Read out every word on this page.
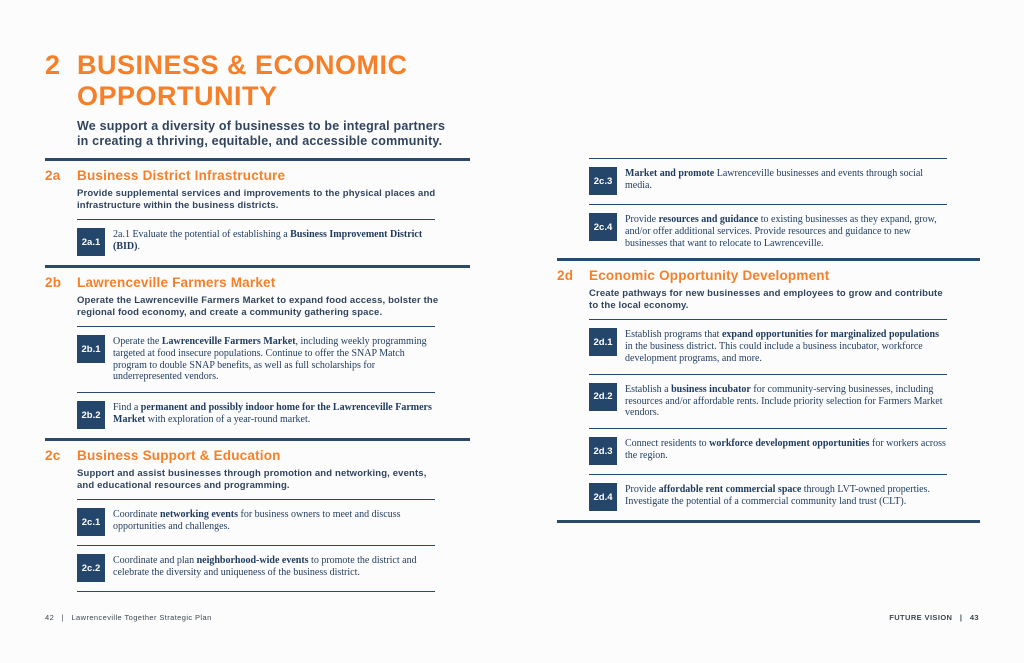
2 BUSINESS & ECONOMIC
OPPORTUNITY
We support a diversity of businesses to be integral partners in creating a thriving, equitable, and accessible community.
2a	Business District Infrastructure
Provide supplemental services and improvements to the physical places and infrastructure within the business districts.
2a.1
2a.1 Evaluate the potential of establishing a Business Improvement District (BID).
2b	Lawrenceville Farmers Market
Operate the Lawrenceville Farmers Market to expand food access, bolster the regional food economy, and create a community gathering space.
2b.1
Operate the Lawrenceville Farmers Market, including weekly programming targeted at food insecure populations. Continue to offer the SNAP Match program to double SNAP benefits, as well as full scholarships for underrepresented vendors.
2b.2
Find a permanent and possibly indoor home for the Lawrenceville Farmers Market with exploration of a year-round market.
2c	Business Support & Education
Support and assist businesses through promotion and networking, events, and educational resources and programming.
2c.1
Coordinate networking events for business owners to meet and discuss opportunities and challenges.
2c.2
Coordinate and plan neighborhood-wide events to promote the district and celebrate the diversity and uniqueness of the business district.
2c.3
Market and promote Lawrenceville businesses and events through social media.
2c.4
Provide resources and guidance to existing businesses as they expand, grow, and/or offer additional services. Provide resources and guidance to new businesses that want to relocate to Lawrenceville.
2d	Economic Opportunity Development
Create pathways for new businesses and employees to grow and contribute to the local economy.
2d.1
Establish programs that expand opportunities for marginalized populations in the business district. This could include a business incubator, workforce development programs, and more.
2d.2
Establish a business incubator for community-serving businesses, including resources and/or affordable rents. Include priority selection for Farmers Market vendors.
2d.3
Connect residents to workforce development opportunities for workers across the region.
2d.4
Provide affordable rent commercial space through LVT-owned properties. Investigate the potential of a commercial community land trust (CLT).
42 | Lawrenceville Together Strategic Plan	FUTURE VISION | 43
